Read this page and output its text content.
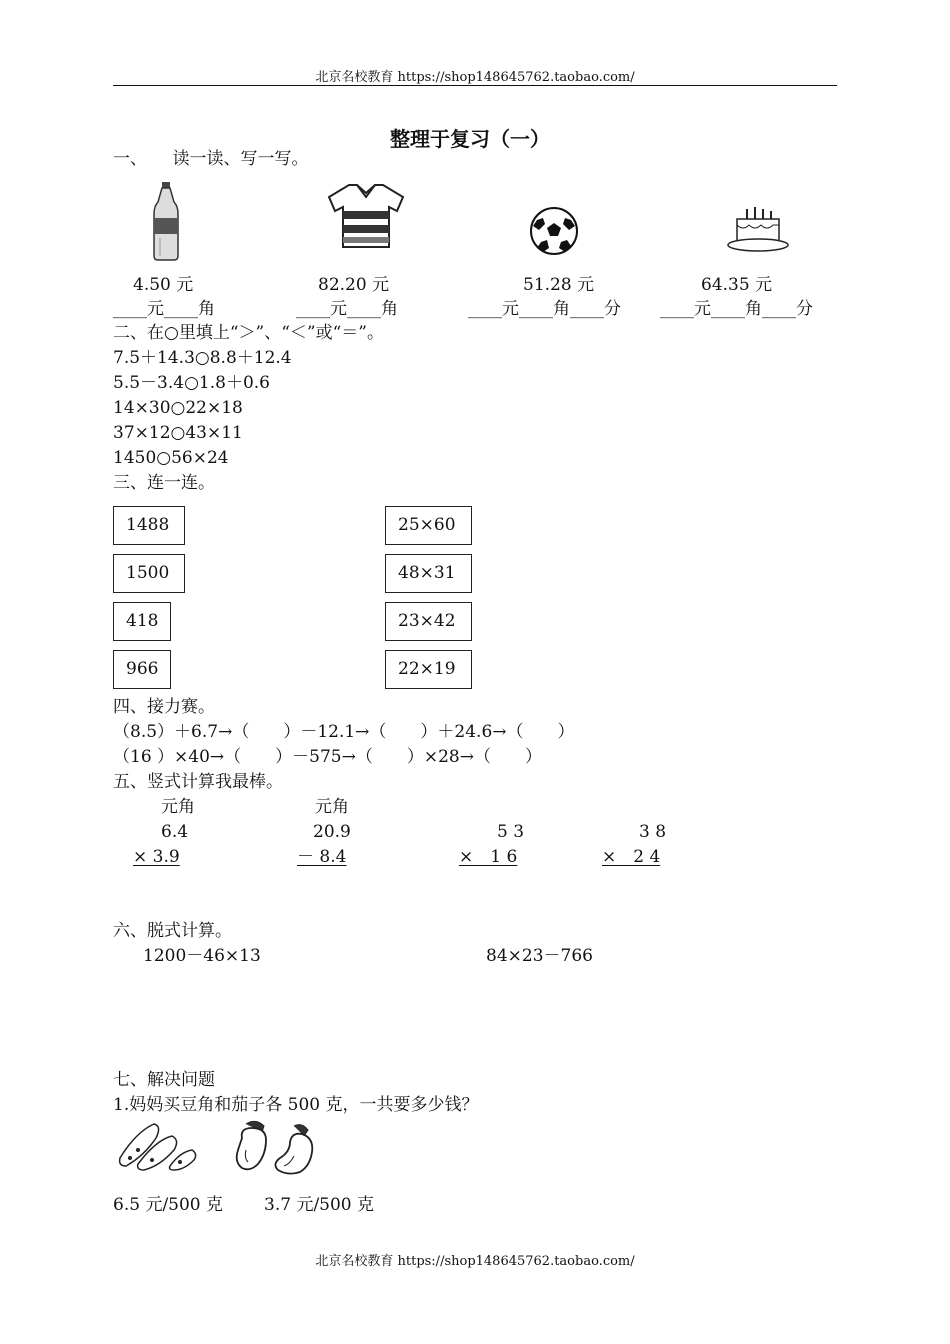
北京名校教育 https://shop148645762.taobao.com/
整理于复习（一）
一、　　读一读、写一写。
4.50 元	82.20 元	51.28 元	64.35 元
____元____角	____元____角	____元____角____分 ____元____角____分
二、在○里填上“＞”、“＜”或“＝”。
7.5＋14.3○8.8＋12.4
5.5－3.4○1.8＋0.6
14×30○22×18
37×12○43×11
1450○56×24
三、连一连。
1488
1500
418
966
25×60
48×31
23×42
22×19
四、接力赛。
（8.5）＋6.7→（　　）－12.1→（　　）＋24.6→（　　）
（16 ）×40→（　　）－575→（　　）×28→（　　）
五、竖式计算我最棒。
元角	元角
6.4	20.9	5 3	3 8
× 3.9	－ 8.4	×　1 6	×　2 4
六、脱式计算。
1200－46×13	84×23－766
七、解决问题
1.妈妈买豆角和茄子各 500 克，一共要多少钱？
6.5 元/500 克 3.7 元/500 克
北京名校教育 https://shop148645762.taobao.com/
